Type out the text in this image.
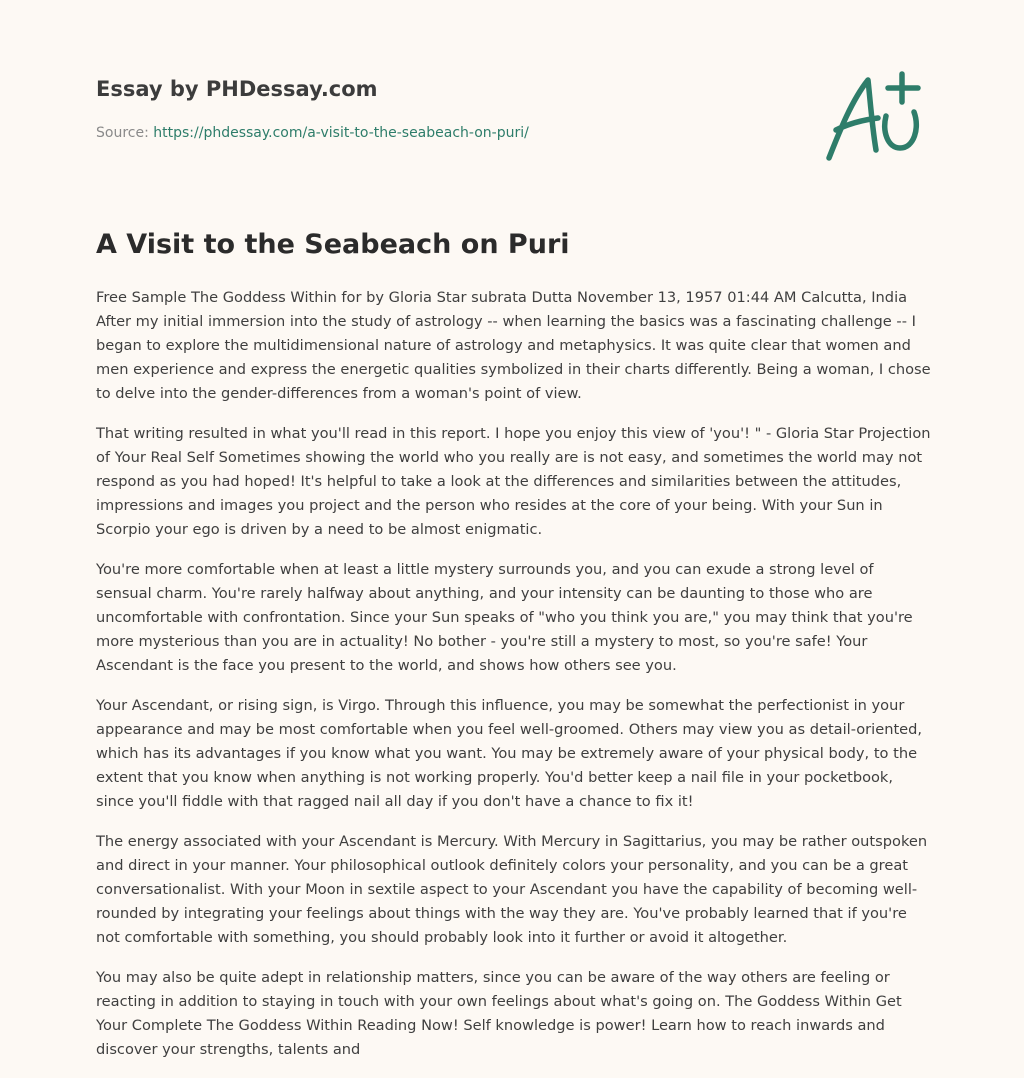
Essay by PHDessay.com
Source: https://phdessay.com/a-visit-to-the-seabeach-on-puri/
A Visit to the Seabeach on Puri

Free Sample The Goddess Within for by Gloria Star subrata Dutta November 13, 1957 01:44 AM Calcutta, India After my initial immersion into the study of astrology -- when learning the basics was a fascinating challenge -- I began to explore the multidimensional nature of astrology and metaphysics. It was quite clear that women and men experience and express the energetic qualities symbolized in their charts differently. Being a woman, I chose to delve into the gender-differences from a woman's point of view.

That writing resulted in what you'll read in this report. I hope you enjoy this view of 'you'! " - Gloria Star Projection of Your Real Self Sometimes showing the world who you really are is not easy, and sometimes the world may not respond as you had hoped! It's helpful to take a look at the differences and similarities between the attitudes, impressions and images you project and the person who resides at the core of your being. With your Sun in Scorpio your ego is driven by a need to be almost enigmatic.

You're more comfortable when at least a little mystery surrounds you, and you can exude a strong level of sensual charm. You're rarely halfway about anything, and your intensity can be daunting to those who are uncomfortable with confrontation. Since your Sun speaks of "who you think you are," you may think that you're more mysterious than you are in actuality! No bother - you're still a mystery to most, so you're safe! Your Ascendant is the face you present to the world, and shows how others see you.

Your Ascendant, or rising sign, is Virgo. Through this influence, you may be somewhat the perfectionist in your appearance and may be most comfortable when you feel well-groomed. Others may view you as detail-oriented, which has its advantages if you know what you want. You may be extremely aware of your physical body, to the extent that you know when anything is not working properly. You'd better keep a nail file in your pocketbook, since you'll fiddle with that ragged nail all day if you don't have a chance to fix it!

The energy associated with your Ascendant is Mercury. With Mercury in Sagittarius, you may be rather outspoken and direct in your manner. Your philosophical outlook definitely colors your personality, and you can be a great conversationalist. With your Moon in sextile aspect to your Ascendant you have the capability of becoming well-rounded by integrating your feelings about things with the way they are. You've probably learned that if you're not comfortable with something, you should probably look into it further or avoid it altogether.

You may also be quite adept in relationship matters, since you can be aware of the way others are feeling or reacting in addition to staying in touch with your own feelings about what's going on. The Goddess Within Get Your Complete The Goddess Within Reading Now! Self knowledge is power! Learn how to reach inwards and discover your strengths, talents and
